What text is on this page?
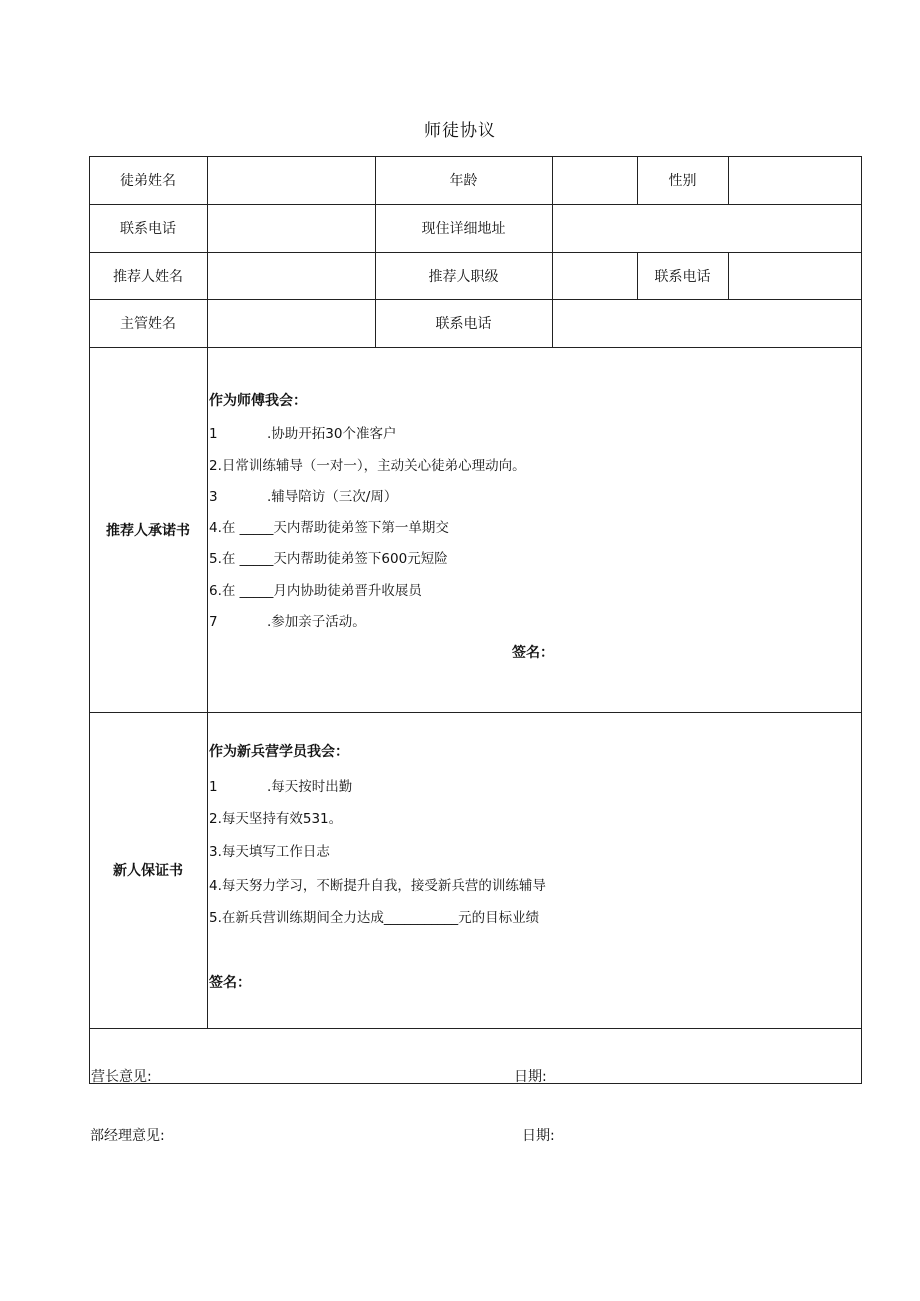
师徒协议
徒弟姓名	年龄	性别
联系电话	现住详细地址
推荐人姓名	推荐人职级	联系电话
主管姓名	联系电话
推荐人承诺书
作为师傅我会：
1	.协助开拓30个准客户
2.日常训练辅导（一对一），主动关心徒弟心理动向。
3	.辅导陪访（三次/周）
4.在 _____天内帮助徒弟签下第一单期交
5.在 _____天内帮助徒弟签下600元短险
6.在 _____月内协助徒弟晋升收展员
7	.参加亲子活动。
签名：
新人保证书
作为新兵营学员我会：
1	.每天按时出勤
2.每天坚持有效531。
3.每天填写工作日志
4.每天努力学习，不断提升自我，接受新兵营的训练辅导
5.在新兵营训练期间全力达成___________元的目标业绩
签名：
营长意见:	日期:
部经理意见:	日期:
